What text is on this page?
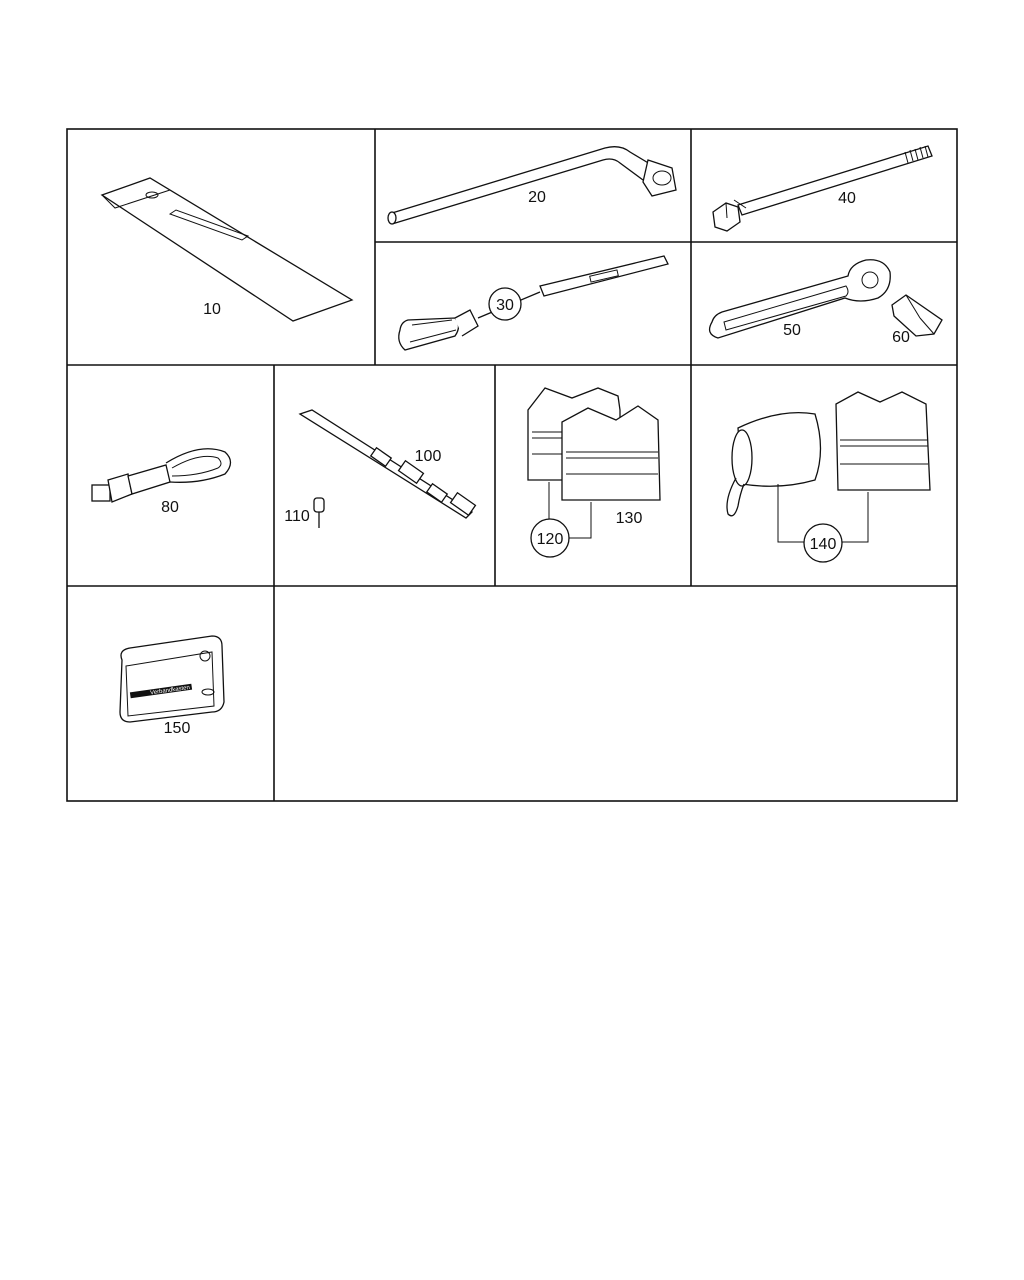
10
20	40
30
50	60
80
100
110
120
130
140
Verbandkasten
150
